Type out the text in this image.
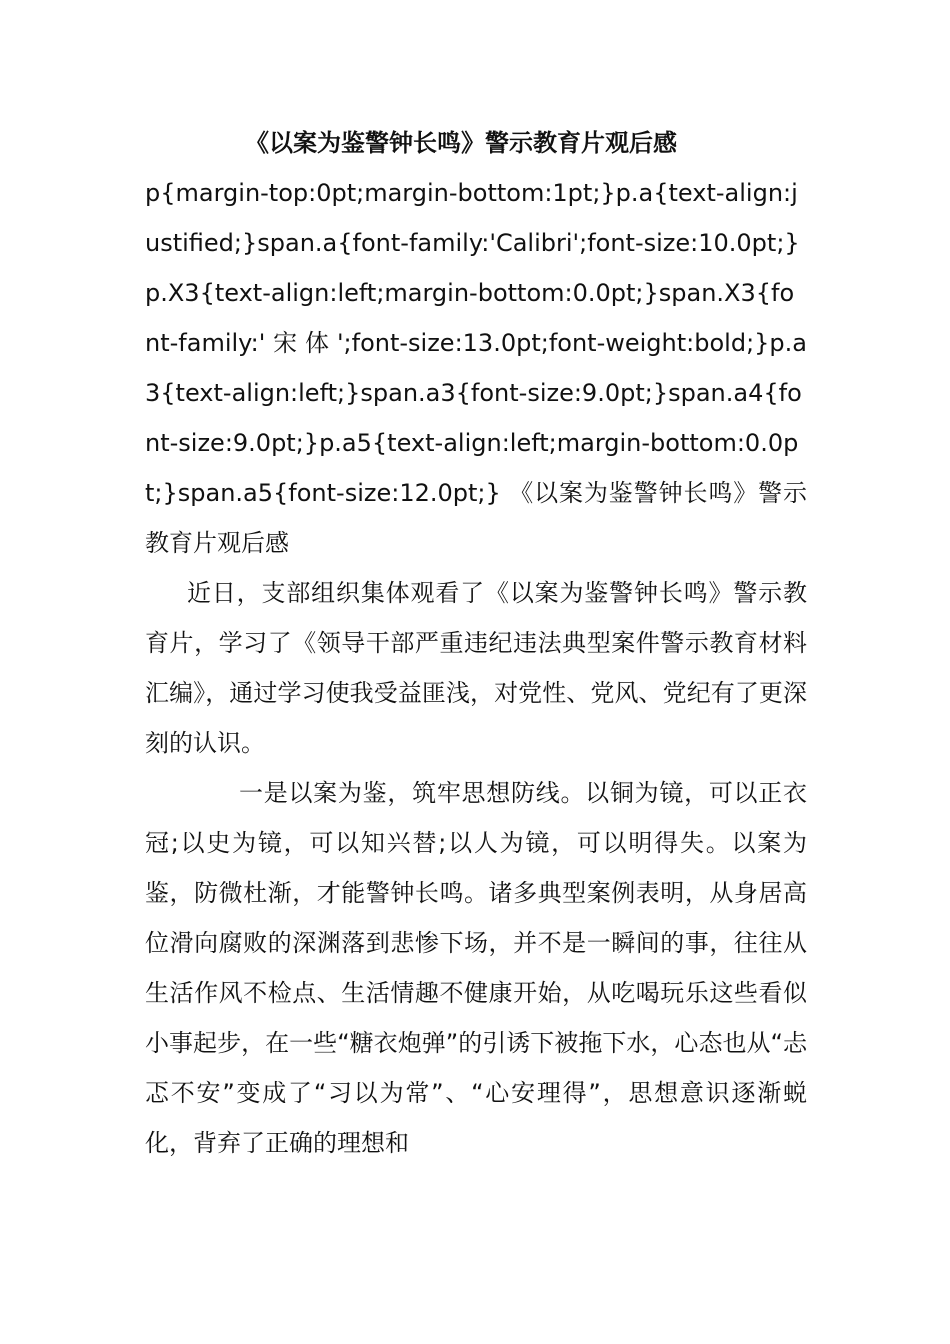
《以案为鉴警钟长鸣》警示教育片观后感

p{margin-top:0pt;margin-bottom:1pt;}p.a{text-align:justified;}span.a{font-family:'Calibri';font-size:10.0pt;}p.X3{text-align:left;margin-bottom:0.0pt;}span.X3{font-family:' 宋 体 ';font-size:13.0pt;font-weight:bold;}p.a3{text-align:left;}span.a3{font-size:9.0pt;}span.a4{font-size:9.0pt;}p.a5{text-align:left;margin-bottom:0.0pt;}span.a5{font-size:12.0pt;} 《以案为鉴警钟长鸣》警示教育片观后感

近日，支部组织集体观看了《以案为鉴警钟长鸣》警示教育片，学习了《领导干部严重违纪违法典型案件警示教育材料汇编》，通过学习使我受益匪浅，对党性、党风、党纪有了更深刻的认识。

一是以案为鉴，筑牢思想防线。以铜为镜，可以正衣冠;以史为镜，可以知兴替;以人为镜，可以明得失。以案为鉴，防微杜渐，才能警钟长鸣。诸多典型案例表明，从身居高位滑向腐败的深渊落到悲惨下场，并不是一瞬间的事，往往从生活作风不检点、生活情趣不健康开始，从吃喝玩乐这些看似小事起步，在一些“糖衣炮弹”的引诱下被拖下水，心态也从“忐忑不安”变成了“习以为常”、“心安理得”，思想意识逐渐蜕化，背弃了正确的理想和
